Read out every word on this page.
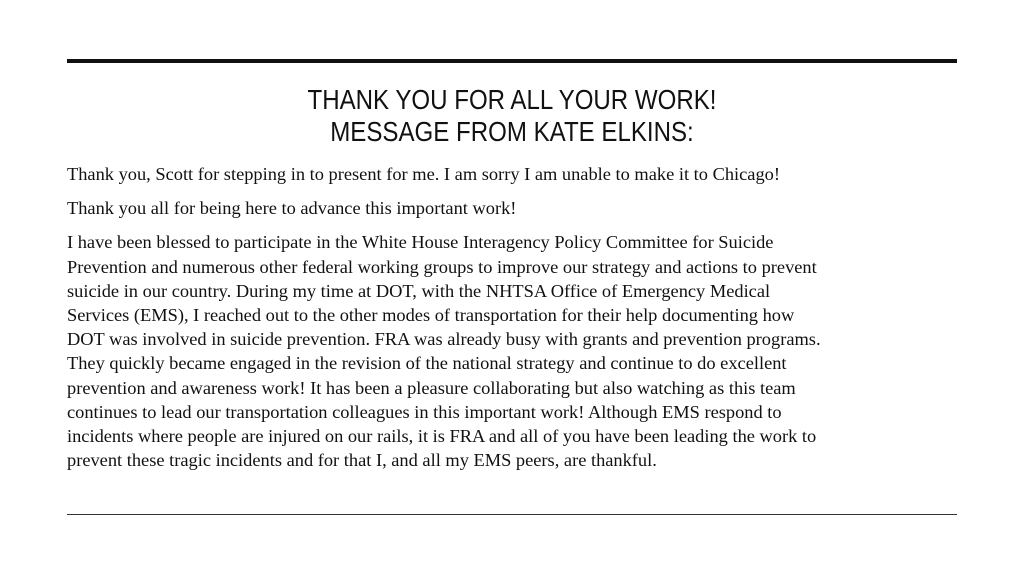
THANK YOU FOR ALL YOUR WORK!
MESSAGE FROM KATE ELKINS:

Thank you, Scott for stepping in to present for me. I am sorry I am unable to make it to Chicago!

Thank you all for being here to advance this important work!

I have been blessed to participate in the White House Interagency Policy Committee for Suicide
Prevention and numerous other federal working groups to improve our strategy and actions to prevent
suicide in our country. During my time at DOT, with the NHTSA Office of Emergency Medical
Services (EMS), I reached out to the other modes of transportation for their help documenting how
DOT was involved in suicide prevention. FRA was already busy with grants and prevention programs.
They quickly became engaged in the revision of the national strategy and continue to do excellent
prevention and awareness work! It has been a pleasure collaborating but also watching as this team
continues to lead our transportation colleagues in this important work! Although EMS respond to
incidents where people are injured on our rails, it is FRA and all of you have been leading the work to
prevent these tragic incidents and for that I, and all my EMS peers, are thankful.
